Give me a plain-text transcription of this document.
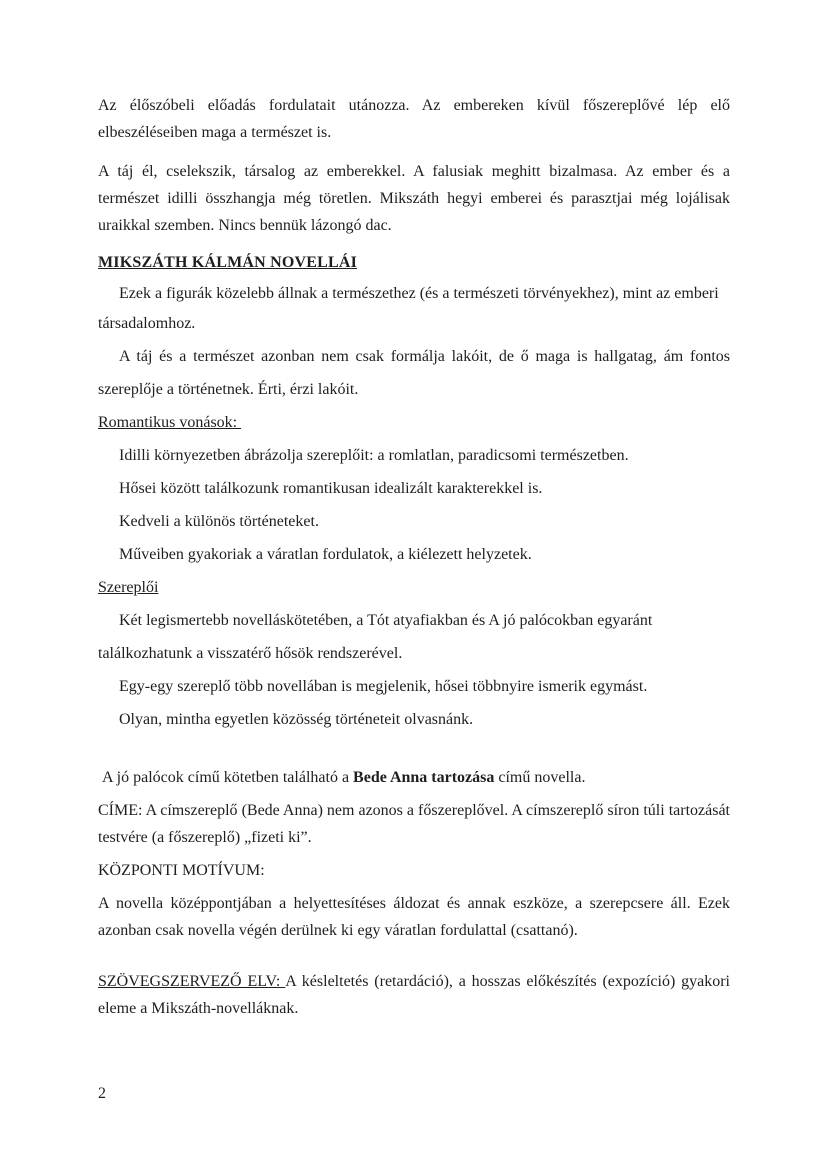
Az élőszóbeli előadás fordulatait utánozza. Az embereken kívül főszereplővé lép elő elbeszéléseiben maga a természet is.

A táj él, cselekszik, társalog az emberekkel. A falusiak meghitt bizalmasa. Az ember és a természet idilli összhangja még töretlen. Mikszáth hegyi emberei és parasztjai még lojálisak uraikkal szemben. Nincs bennük lázongó dac.

MIKSZÁTH KÁLMÁN NOVELLÁI

Ezek a figurák közelebb állnak a természethez (és a természeti törvényekhez), mint az emberi

társadalomhoz.

A táj és a természet azonban nem csak formálja lakóit, de ő maga is hallgatag, ám fontos szereplője a történetnek. Érti, érzi lakóit.

Romantikus vonások:

Idilli környezetben ábrázolja szereplőit: a romlatlan, paradicsomi természetben.

Hősei között találkozunk romantikusan idealizált karakterekkel is.

Kedveli a különös történeteket.

Műveiben gyakoriak a váratlan fordulatok, a kiélezett helyzetek.

Szereplői

Két legismertebb novelláskötetében, a Tót atyafiakban és A jó palócokban egyaránt találkozhatunk a visszatérő hősök rendszerével.

Egy-egy szereplő több novellában is megjelenik, hősei többnyire ismerik egymást.

Olyan, mintha egyetlen közösség történeteit olvasnánk.

A jó palócok című kötetben található a Bede Anna tartozása című novella.

CÍME: A címszereplő (Bede Anna) nem azonos a főszereplővel. A címszereplő síron túli tartozását testvére (a főszereplő) „fizeti ki”.

KÖZPONTI MOTÍVUM:

A novella középpontjában a helyettesítéses áldozat és annak eszköze, a szerepcsere áll. Ezek azonban csak novella végén derülnek ki egy váratlan fordulattal (csattanó).

SZÖVEGSZERVEZŐ ELV: A késleltetés (retardáció), a hosszas előkészítés (expozíció) gyakori eleme a Mikszáth-novelláknak.

2
